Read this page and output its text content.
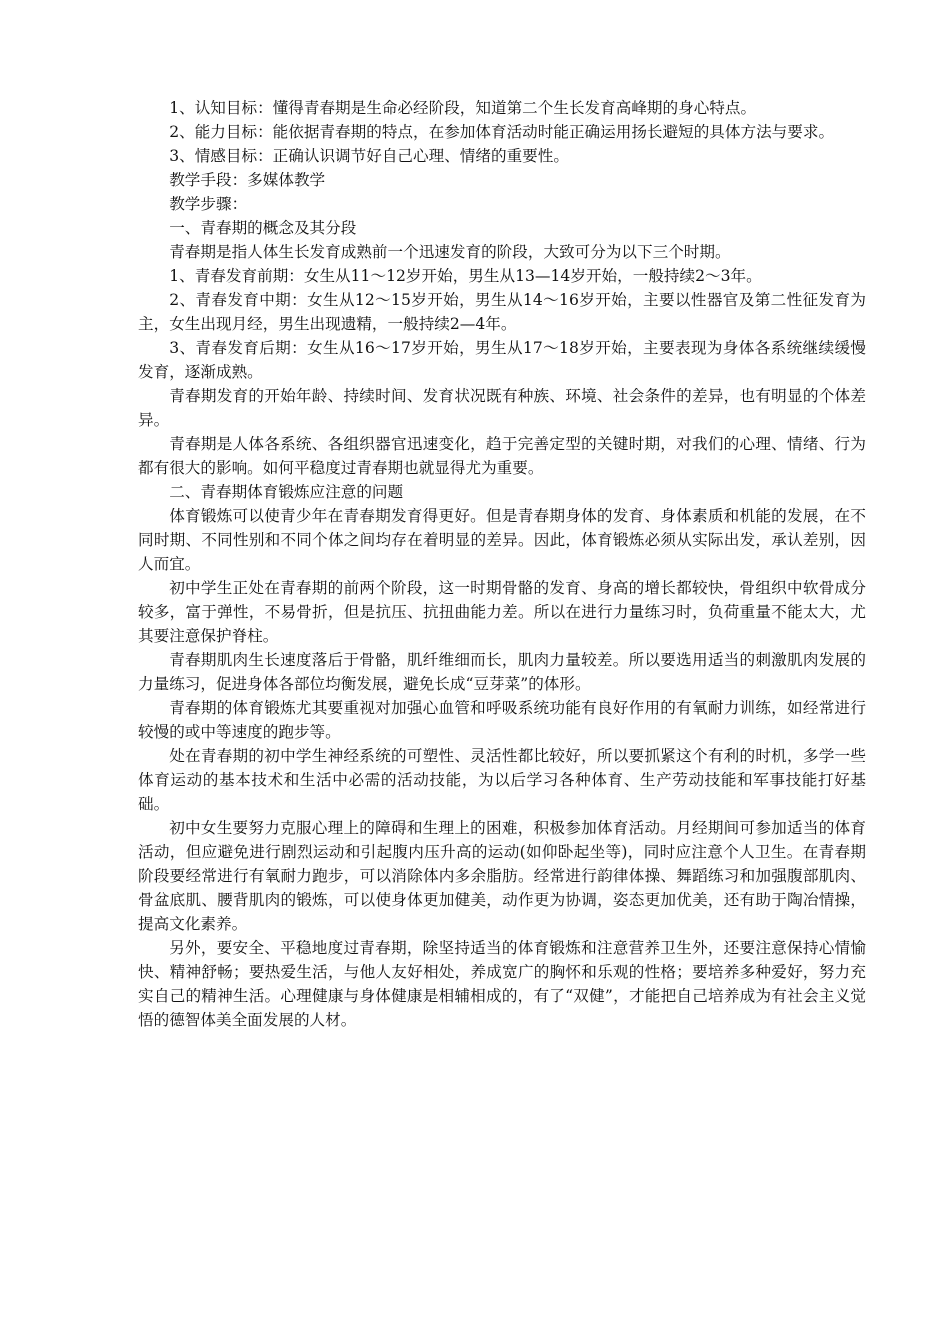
1、认知目标：懂得青春期是生命必经阶段，知道第二个生长发育高峰期的身心特点。

2、能力目标：能依据青春期的特点，在参加体育活动时能正确运用扬长避短的具体方法与要求。

3、情感目标：正确认识调节好自己心理、情绪的重要性。

教学手段：多媒体教学

教学步骤：

一、青春期的概念及其分段

青春期是指人体生长发育成熟前一个迅速发育的阶段，大致可分为以下三个时期。

1、青春发育前期：女生从11～12岁开始，男生从13—14岁开始，一般持续2～3年。

2、青春发育中期：女生从12～15岁开始，男生从14～16岁开始，主要以性器官及第二性征发育为主，女生出现月经，男生出现遗精，一般持续2—4年。

3、青春发育后期：女生从16～17岁开始，男生从17～18岁开始，主要表现为身体各系统继续缓慢发育，逐渐成熟。

青春期发育的开始年龄、持续时间、发育状况既有种族、环境、社会条件的差异，也有明显的个体差异。

青春期是人体各系统、各组织器官迅速变化，趋于完善定型的关键时期，对我们的心理、情绪、行为都有很大的影响。如何平稳度过青春期也就显得尤为重要。

二、青春期体育锻炼应注意的问题

体育锻炼可以使青少年在青春期发育得更好。但是青春期身体的发育、身体素质和机能的发展，在不同时期、不同性别和不同个体之间均存在着明显的差异。因此，体育锻炼必须从实际出发，承认差别，因人而宜。

初中学生正处在青春期的前两个阶段，这一时期骨骼的发育、身高的增长都较快，骨组织中软骨成分较多，富于弹性，不易骨折，但是抗压、抗扭曲能力差。所以在进行力量练习时，负荷重量不能太大，尤其要注意保护脊柱。

青春期肌肉生长速度落后于骨骼，肌纤维细而长，肌肉力量较差。所以要选用适当的刺激肌肉发展的力量练习，促进身体各部位均衡发展，避免长成“豆芽菜”的体形。

青春期的体育锻炼尤其要重视对加强心血管和呼吸系统功能有良好作用的有氧耐力训练，如经常进行较慢的或中等速度的跑步等。

处在青春期的初中学生神经系统的可塑性、灵活性都比较好，所以要抓紧这个有利的时机，多学一些体育运动的基本技术和生活中必需的活动技能，为以后学习各种体育、生产劳动技能和军事技能打好基础。

初中女生要努力克服心理上的障碍和生理上的困难，积极参加体育活动。月经期间可参加适当的体育活动，但应避免进行剧烈运动和引起腹内压升高的运动(如仰卧起坐等)，同时应注意个人卫生。在青春期阶段要经常进行有氧耐力跑步，可以消除体内多余脂肪。经常进行韵律体操、舞蹈练习和加强腹部肌肉、骨盆底肌、腰背肌肉的锻炼，可以使身体更加健美，动作更为协调，姿态更加优美，还有助于陶冶情操，提高文化素养。

另外，要安全、平稳地度过青春期，除坚持适当的体育锻炼和注意营养卫生外，还要注意保持心情愉快、精神舒畅；要热爱生活，与他人友好相处，养成宽广的胸怀和乐观的性格；要培养多种爱好，努力充实自己的精神生活。心理健康与身体健康是相辅相成的，有了“双健”，才能把自己培养成为有社会主义觉悟的德智体美全面发展的人材。
